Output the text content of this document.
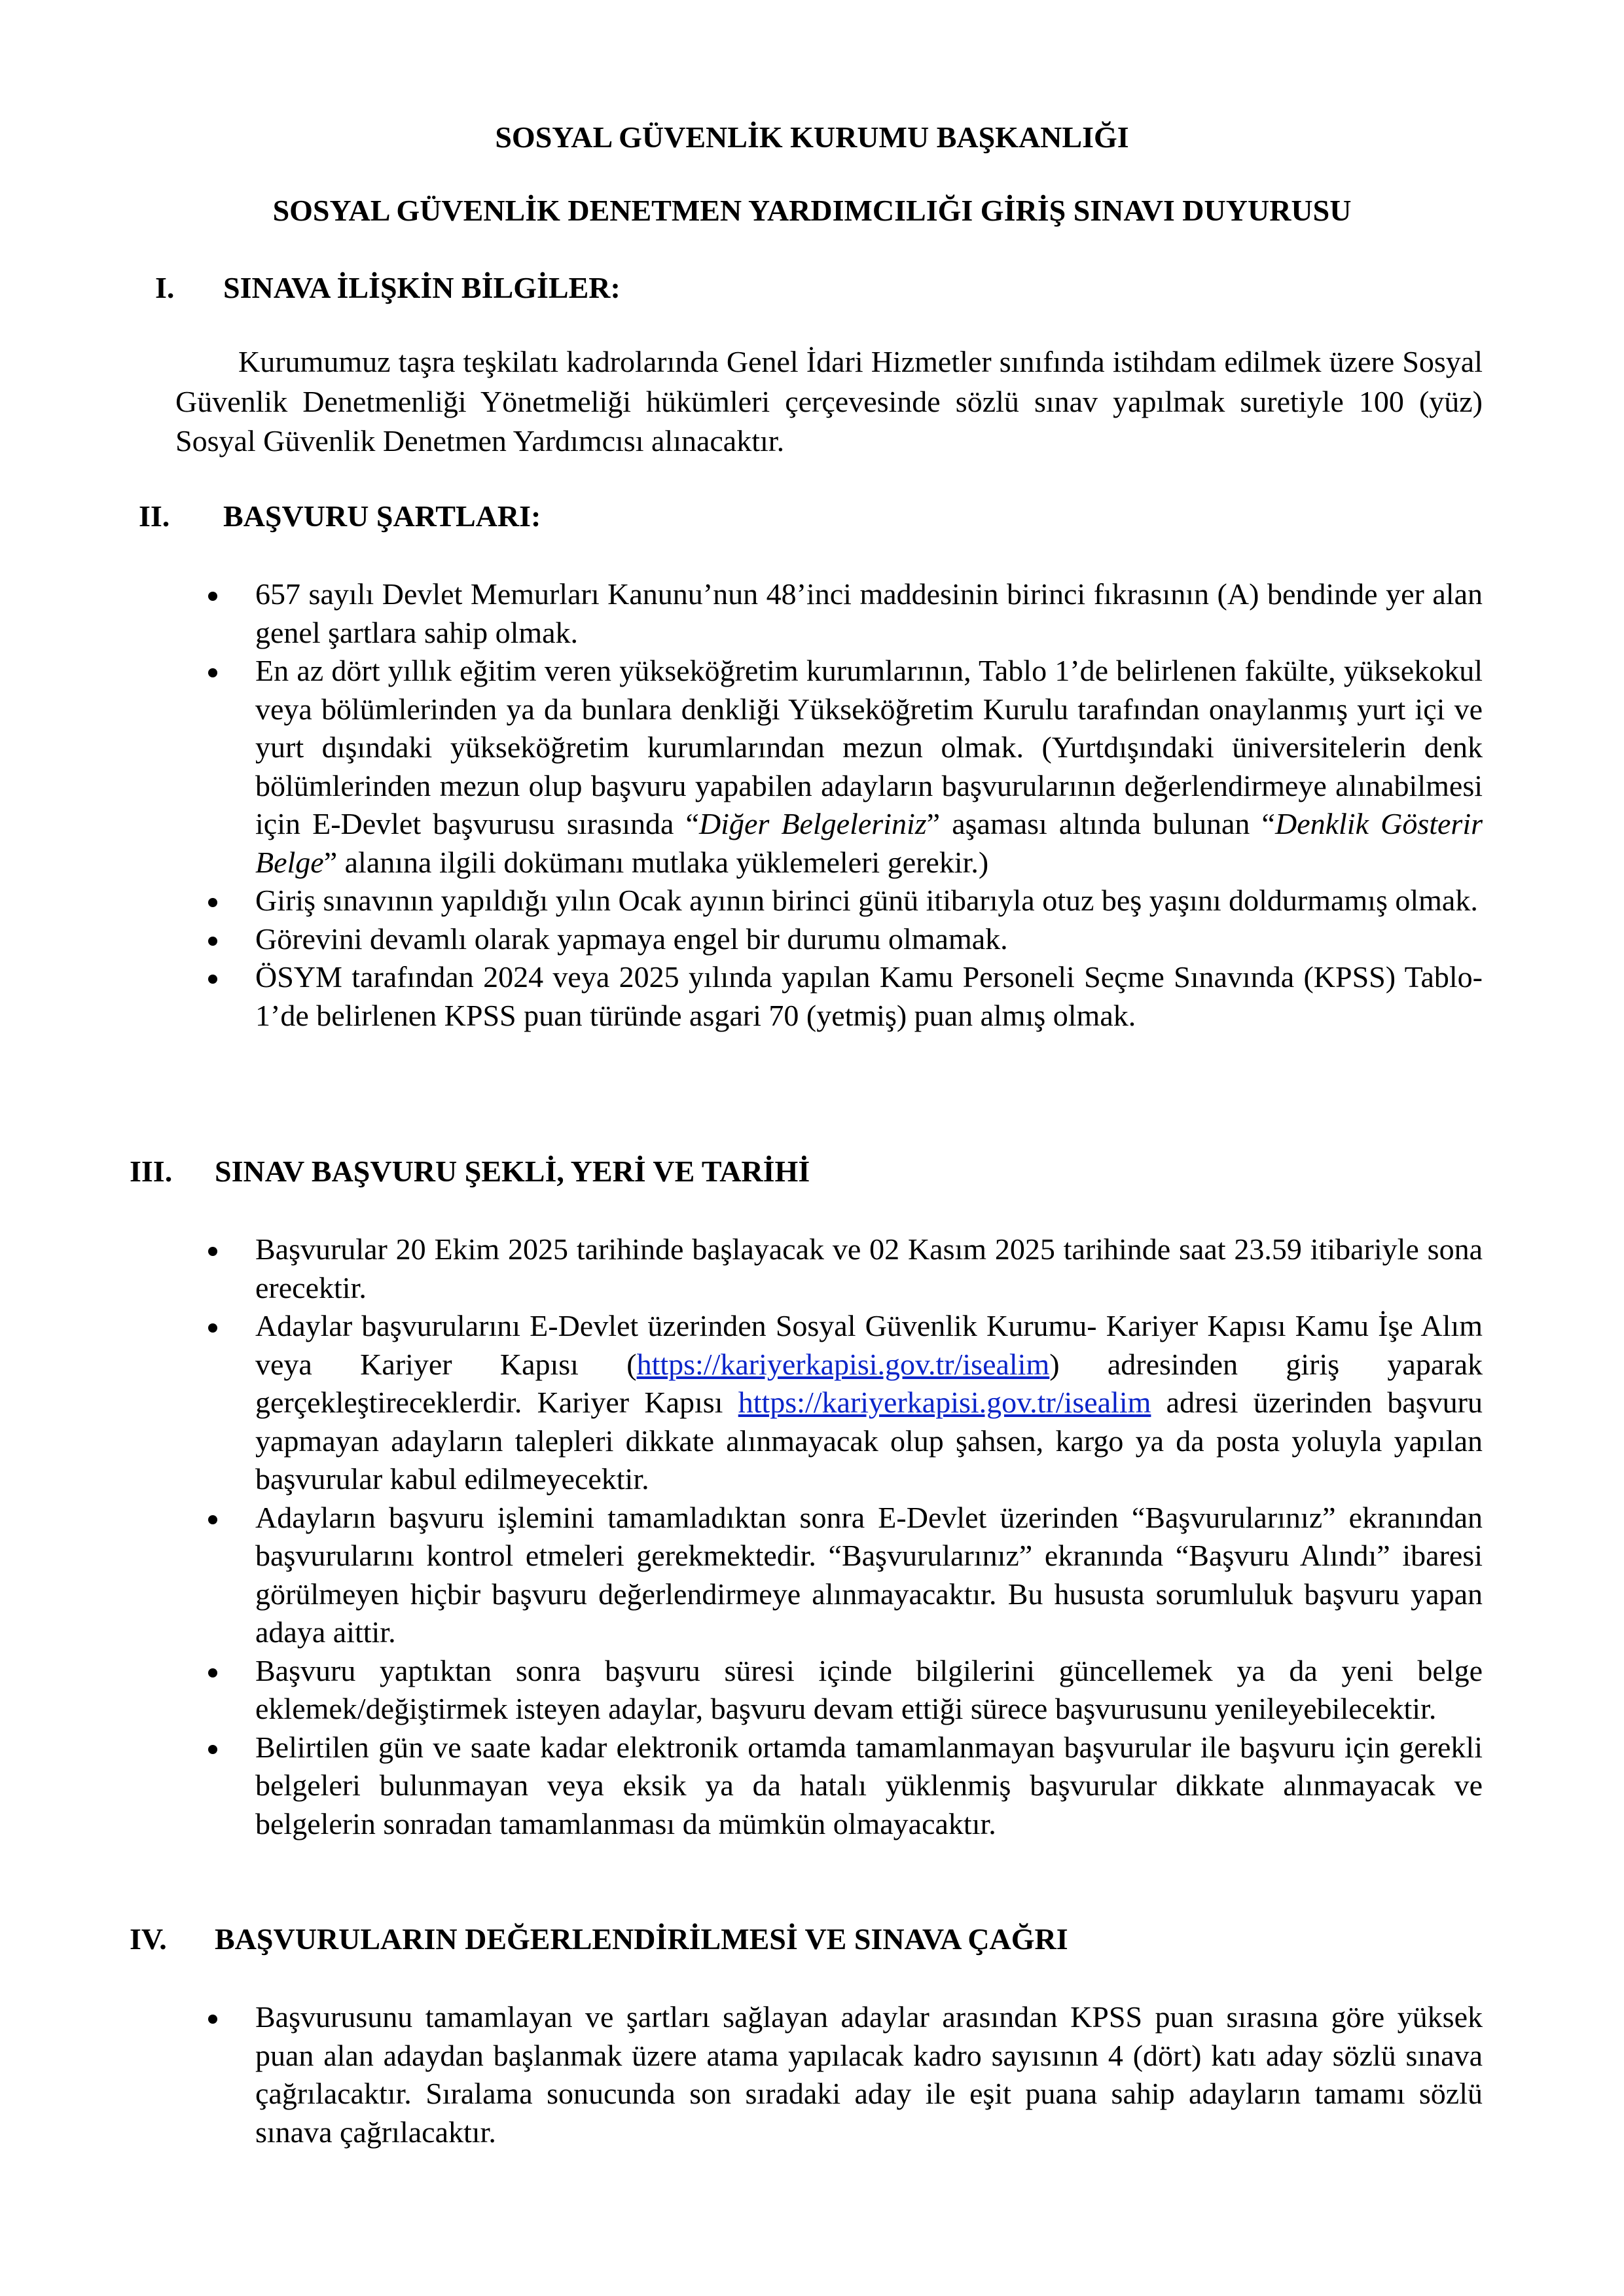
SOSYAL GÜVENLİK KURUMU BAŞKANLIĞI
SOSYAL GÜVENLİK DENETMEN YARDIMCILIĞI GİRİŞ SINAVI DUYURUSU
I. SINAVA İLİŞKİN BİLGİLER:
Kurumumuz taşra teşkilatı kadrolarında Genel İdari Hizmetler sınıfında istihdam edilmek üzere Sosyal Güvenlik Denetmenliği Yönetmeliği hükümleri çerçevesinde sözlü sınav yapılmak suretiyle 100 (yüz) Sosyal Güvenlik Denetmen Yardımcısı alınacaktır.
II. BAŞVURU ŞARTLARI:
657 sayılı Devlet Memurları Kanunu’nun 48’inci maddesinin birinci fıkrasının (A) bendinde yer alan genel şartlara sahip olmak.
En az dört yıllık eğitim veren yükseköğretim kurumlarının, Tablo 1’de belirlenen fakülte, yüksekokul veya bölümlerinden ya da bunlara denkliği Yükseköğretim Kurulu tarafından onaylanmış yurt içi ve yurt dışındaki yükseköğretim kurumlarından mezun olmak. (Yurtdışındaki üniversitelerin denk bölümlerinden mezun olup başvuru yapabilen adayların başvurularının değerlendirmeye alınabilmesi için E-Devlet başvurusu sırasında “Diğer Belgeleriniz” aşaması altında bulunan “Denklik Gösterir Belge” alanına ilgili dokümanı mutlaka yüklemeleri gerekir.)
Giriş sınavının yapıldığı yılın Ocak ayının birinci günü itibarıyla otuz beş yaşını doldurmamış olmak.
Görevini devamlı olarak yapmaya engel bir durumu olmamak.
ÖSYM tarafından 2024 veya 2025 yılında yapılan Kamu Personeli Seçme Sınavında (KPSS) Tablo-1’de belirlenen KPSS puan türünde asgari 70 (yetmiş) puan almış olmak.
III. SINAV BAŞVURU ŞEKLİ, YERİ VE TARİHİ
Başvurular 20 Ekim 2025 tarihinde başlayacak ve 02 Kasım 2025 tarihinde saat 23.59 itibariyle sona erecektir.
Adaylar başvurularını E-Devlet üzerinden Sosyal Güvenlik Kurumu- Kariyer Kapısı Kamu İşe Alım veya Kariyer Kapısı (https://kariyerkapisi.gov.tr/isealim) adresinden giriş yaparak gerçekleştireceklerdir. Kariyer Kapısı https://kariyerkapisi.gov.tr/isealim adresi üzerinden başvuru yapmayan adayların talepleri dikkate alınmayacak olup şahsen, kargo ya da posta yoluyla yapılan başvurular kabul edilmeyecektir.
Adayların başvuru işlemini tamamladıktan sonra E-Devlet üzerinden “Başvurularınız” ekranından başvurularını kontrol etmeleri gerekmektedir. “Başvurularınız” ekranında “Başvuru Alındı” ibaresi görülmeyen hiçbir başvuru değerlendirmeye alınmayacaktır. Bu hususta sorumluluk başvuru yapan adaya aittir.
Başvuru yaptıktan sonra başvuru süresi içinde bilgilerini güncellemek ya da yeni belge eklemek/değiştirmek isteyen adaylar, başvuru devam ettiği sürece başvurusunu yenileyebilecektir.
Belirtilen gün ve saate kadar elektronik ortamda tamamlanmayan başvurular ile başvuru için gerekli belgeleri bulunmayan veya eksik ya da hatalı yüklenmiş başvurular dikkate alınmayacak ve belgelerin sonradan tamamlanması da mümkün olmayacaktır.
IV. BAŞVURULARIN DEĞERLENDİRİLMESİ VE SINAVA ÇAĞRI
Başvurusunu tamamlayan ve şartları sağlayan adaylar arasından KPSS puan sırasına göre yüksek puan alan adaydan başlanmak üzere atama yapılacak kadro sayısının 4 (dört) katı aday sözlü sınava çağrılacaktır. Sıralama sonucunda son sıradaki aday ile eşit puana sahip adayların tamamı sözlü sınava çağrılacaktır.
